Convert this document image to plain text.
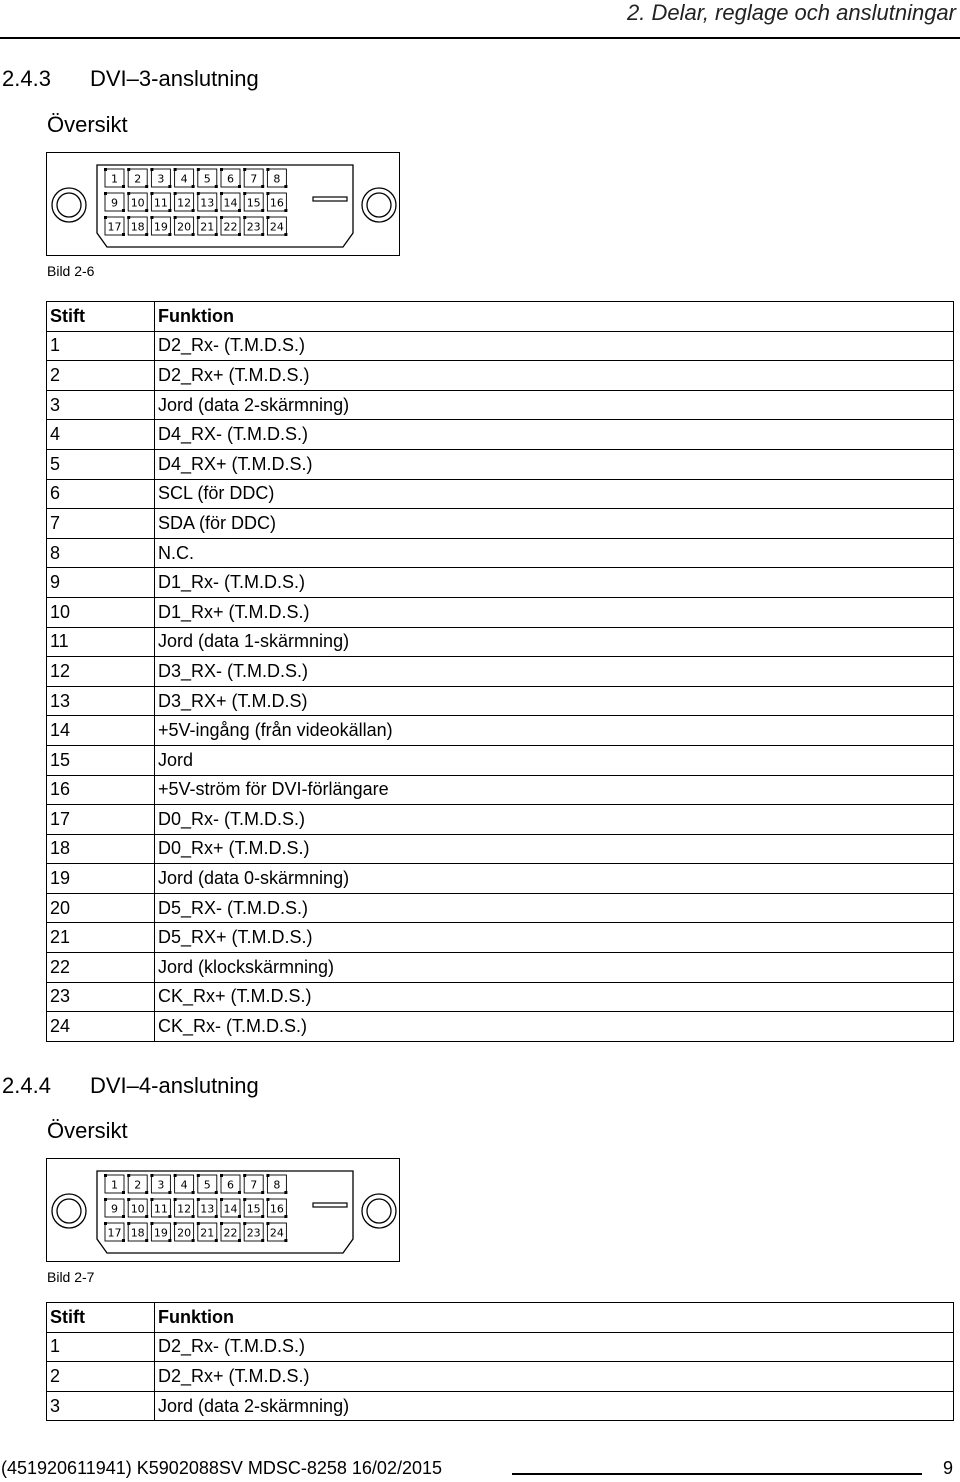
2. Delar, reglage och anslutningar
2.4.3 DVI–3-anslutning
Översikt
1 2 3 4 5 6 7 8
9 10 11 12 13 14 15 16
17 18 19 20 21 22 23 24
Bild 2-6
Stift	Funktion
1	D2_Rx- (T.M.D.S.)
2	D2_Rx+ (T.M.D.S.)
3	Jord (data 2-skärmning)
4	D4_RX- (T.M.D.S.)
5	D4_RX+ (T.M.D.S.)
6	SCL (för DDC)
7	SDA (för DDC)
8	N.C.
9	D1_Rx- (T.M.D.S.)
10	D1_Rx+ (T.M.D.S.)
11	Jord (data 1-skärmning)
12	D3_RX- (T.M.D.S.)
13	D3_RX+ (T.M.D.S)
14	+5V-ingång (från videokällan)
15	Jord
16	+5V-ström för DVI-förlängare
17	D0_Rx- (T.M.D.S.)
18	D0_Rx+ (T.M.D.S.)
19	Jord (data 0-skärmning)
20	D5_RX- (T.M.D.S.)
21	D5_RX+ (T.M.D.S.)
22	Jord (klockskärmning)
23	CK_Rx+ (T.M.D.S.)
24	CK_Rx- (T.M.D.S.)
2.4.4 DVI–4-anslutning
Översikt
1 2 3 4 5 6 7 8
9 10 11 12 13 14 15 16
17 18 19 20 21 22 23 24
Bild 2-7
Stift	Funktion
1	D2_Rx- (T.M.D.S.)
2	D2_Rx+ (T.M.D.S.)
3	Jord (data 2-skärmning)
(451920611941) K5902088SV MDSC-8258 16/02/2015	9
